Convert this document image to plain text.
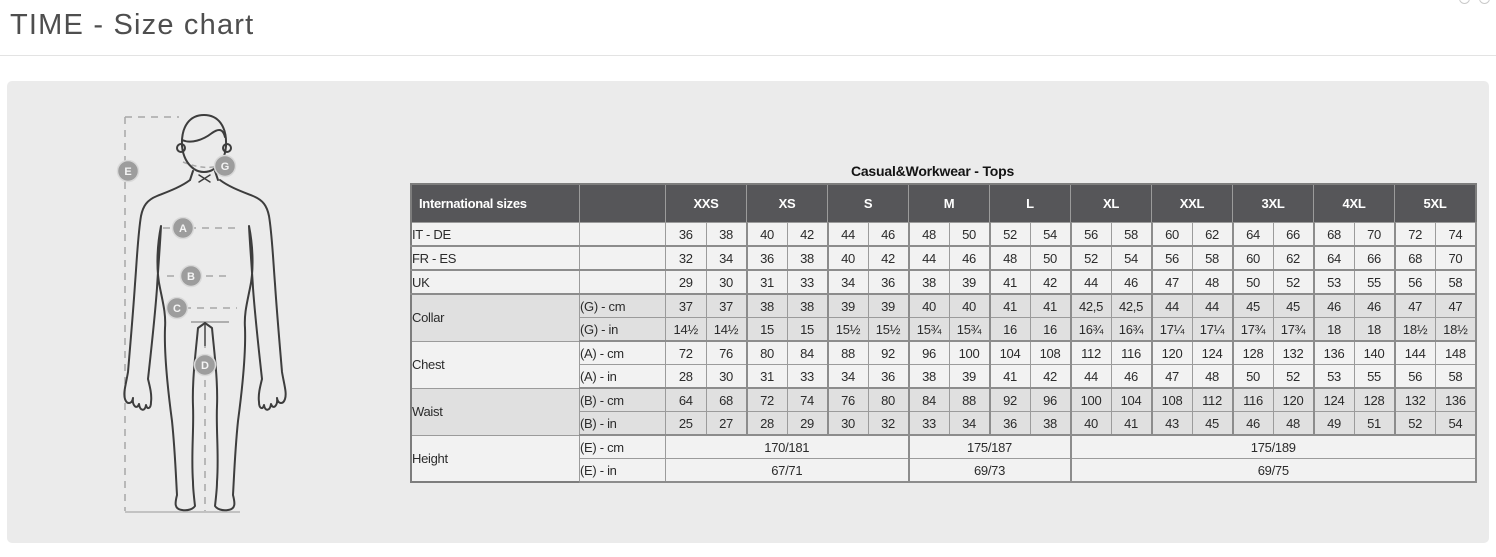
TIME - Size chart
E	G
A
B
C
D
Casual&Workwear - Tops
International sizes		XXS		XS		S		M		L		XL		XXL		3XL		4XL		5XL	
IT - DE		36	38	40	42	44	46	48	50	52	54	56	58	60	62	64	66	68	70	72	74
FR - ES		32	34	36	38	40	42	44	46	48	50	52	54	56	58	60	62	64	66	68	70
UK		29	30	31	33	34	36	38	39	41	42	44	46	47	48	50	52	53	55	56	58
Collar	(G) - cm	37	37	38	38	39	39	40	40	41	41	42,5	42,5	44	44	45	45	46	46	47	47
	(G) - in	14½	14½	15	15	15½	15½	15¾	15¾	16	16	16¾	16¾	17¼	17¼	17¾	17¾	18	18	18½	18½
Chest	(A) - cm	72	76	80	84	88	92	96	100	104	108	112	116	120	124	128	132	136	140	144	148
	(A) - in	28	30	31	33	34	36	38	39	41	42	44	46	47	48	50	52	53	55	56	58
Waist	(B) - cm	64	68	72	74	76	80	84	88	92	96	100	104	108	112	116	120	124	128	132	136
	(B) - in	25	27	28	29	30	32	33	34	36	38	40	41	43	45	46	48	49	51	52	54
Height	(E) - cm	170/181						175/187				175/189									
	(E) - in	67/71						69/73				69/75									
